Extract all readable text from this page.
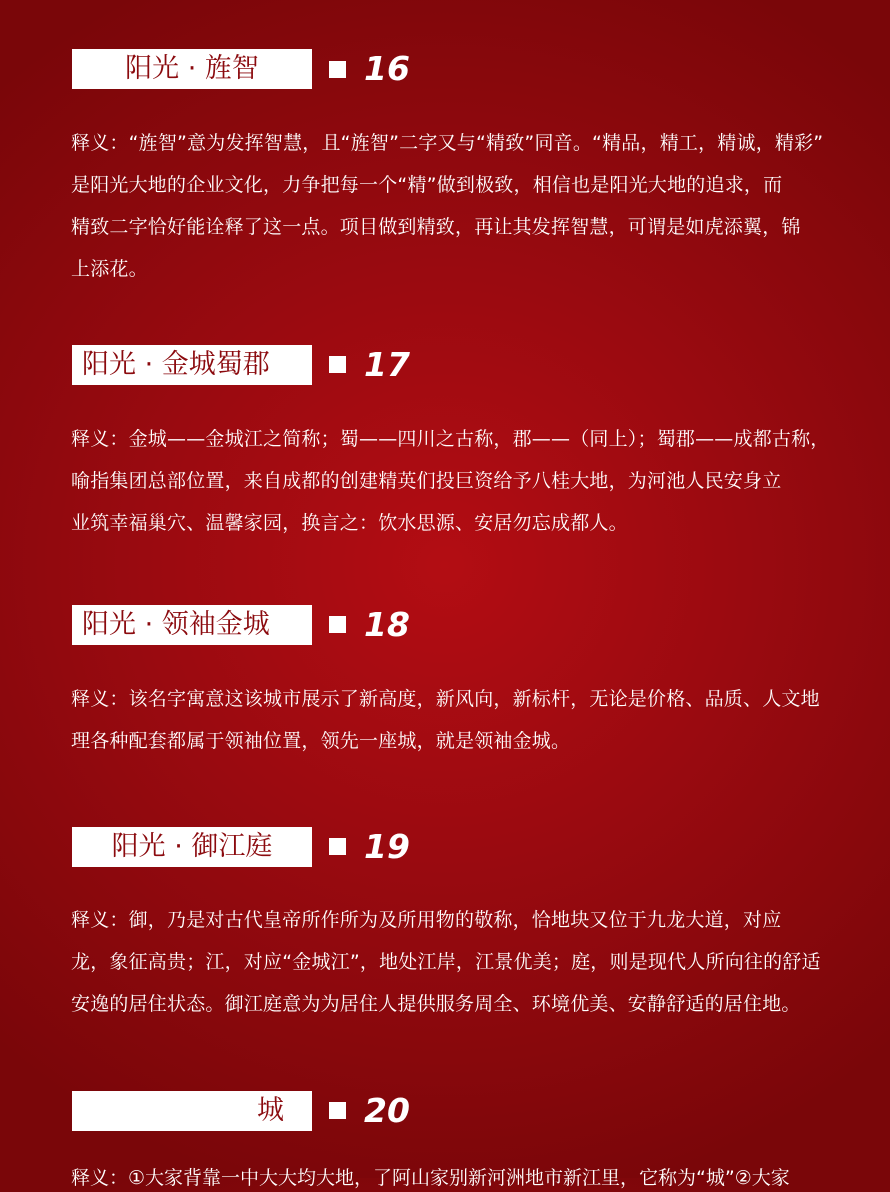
阳光 · 旌智	16
释义：“旌智”意为发挥智慧，且“旌智”二字又与“精致”同音。“精品，精工，精诚，精彩”
是阳光大地的企业文化，力争把每一个“精”做到极致，相信也是阳光大地的追求，而
精致二字恰好能诠释了这一点。项目做到精致，再让其发挥智慧，可谓是如虎添翼，锦
上添花。
阳光 · 金城蜀郡	17
释义：金城——金城江之简称；蜀——四川之古称，郡——（同上）；蜀郡——成都古称，
喻指集团总部位置，来自成都的创建精英们投巨资给予八桂大地，为河池人民安身立
业筑幸福巢穴、温馨家园，换言之：饮水思源、安居勿忘成都人。
阳光 · 领袖金城	18
释义：该名字寓意这该城市展示了新高度，新风向，新标杆，无论是价格、品质、人文地
理各种配套都属于领袖位置，领先一座城，就是领袖金城。
阳光 · 御江庭	19
释义：御，乃是对古代皇帝所作所为及所用物的敬称，恰地块又位于九龙大道，对应
龙，象征高贵；江，对应“金城江”，地处江岸，江景优美；庭，则是现代人所向往的舒适
安逸的居住状态。御江庭意为为居住人提供服务周全、环境优美、安静舒适的居住地。
城 20
释义：①大家背靠一中大大均大地，了阿山家别新河洲地市新江里，它称为“城”②大家
